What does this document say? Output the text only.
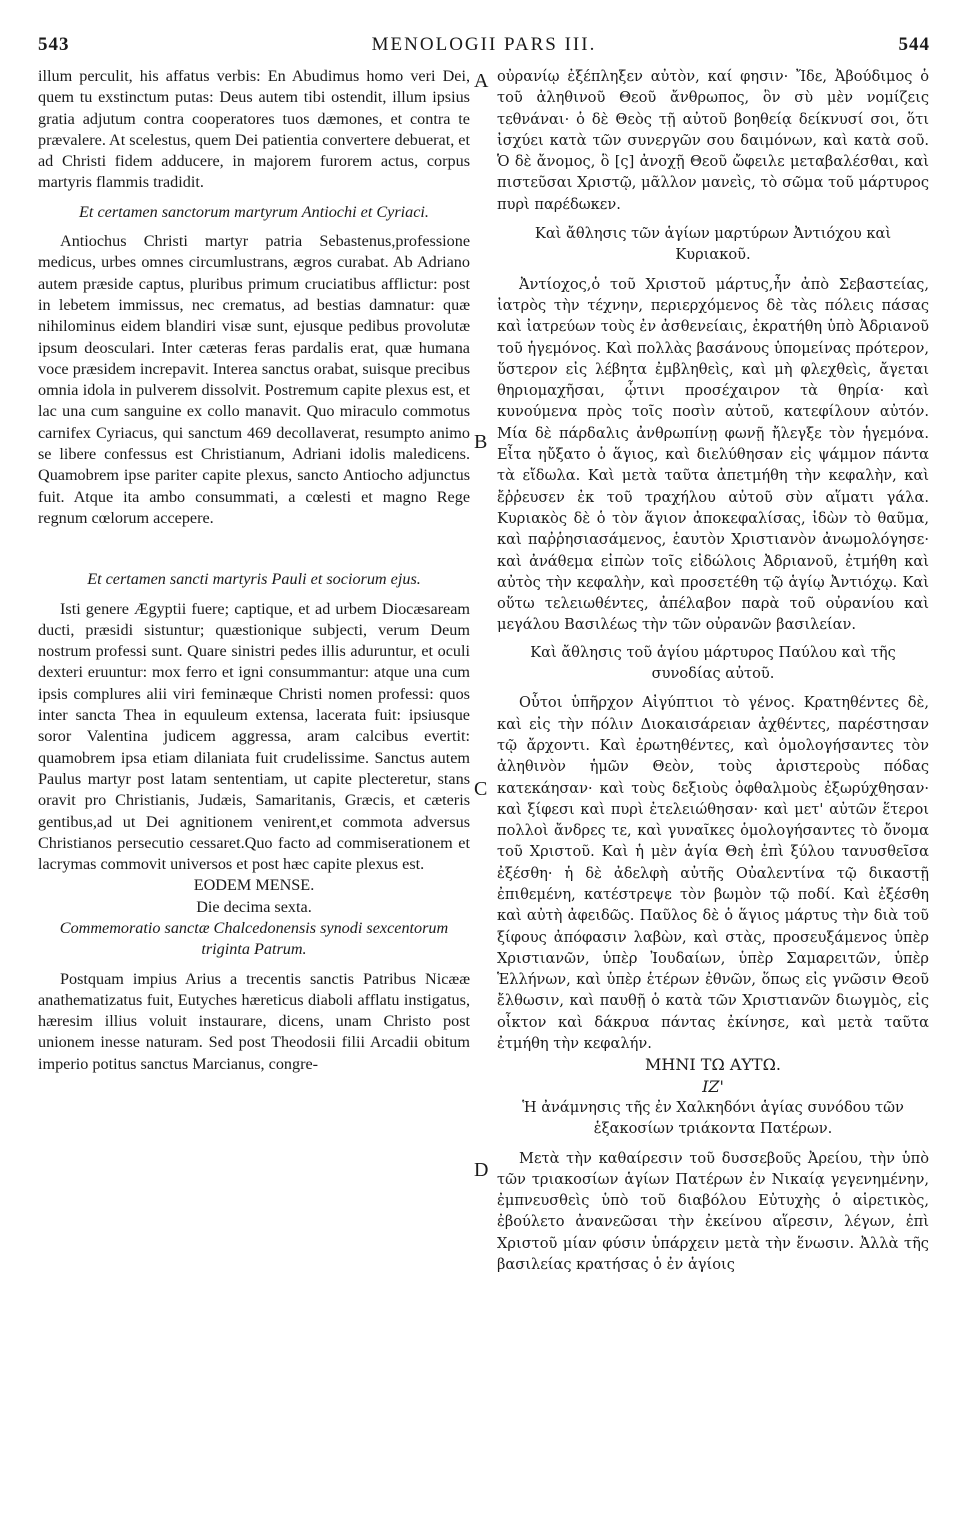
543	MENOLOGII PARS III.	544
A
B
C
D

illum perculit, his affatus verbis: En Abudimus homo veri Dei, quem tu exstinctum putas: Deus autem tibi ostendit, illum ipsius gratia adjutum contra cooperatores tuos dæmones, et contra te prævalere. At scelestus, quem Dei patientia convertere debuerat, et ad Christi fidem adducere, in majorem furorem actus, corpus martyris flammis tradidit.

Et certamen sanctorum martyrum Antiochi et Cyriaci.

Antiochus Christi martyr patria Sebastenus,professione medicus, urbes omnes circumlustrans, ægros curabat. Ab Adriano autem præside captus, pluribus primum cruciatibus afflictur: post in lebetem immissus, nec crematus, ad bestias damnatur: quæ nihilominus eidem blandiri visæ sunt, ejusque pedibus provolutæ ipsum deosculari. Inter cæteras feras pardalis erat, quæ humana voce præsidem increpavit. Interea sanctus orabat, suisque precibus omnia idola in pulverem dissolvit. Postremum capite plexus est, et lac una cum sanguine ex collo manavit. Quo miraculo commotus carnifex Cyriacus, qui sanctum 469 decollaverat, resumpto animo se libere confessus est Christianum, Adriani idolis maledicens. Quamobrem ipse pariter capite plexus, sancto Antiocho adjunctus fuit. Atque ita ambo consummati, a cœlesti et magno Rege regnum cœlorum accepere.

Et certamen sancti martyris Pauli et sociorum ejus.

Isti genere Ægyptii fuere; captique, et ad urbem Diocæsaream ducti, præsidi sistuntur; quæstionique subjecti, verum Deum nostrum professi sunt. Quare sinistri pedes illis aduruntur, et oculi dexteri eruuntur: mox ferro et igni consummantur: atque una cum ipsis complures alii viri feminæque Christi nomen professi: quos inter sancta Thea in equuleum extensa, lacerata fuit: ipsiusque soror Valentina judicem aggressa, aram calcibus evertit: quamobrem ipsa etiam dilaniata fuit crudelissime. Sanctus autem Paulus martyr post latam sententiam, ut capite plecteretur, stans oravit pro Christianis, Judæis, Samaritanis, Græcis, et cæteris gentibus,ad ut Dei agnitionem venirent,et commota adversus Christianos persecutio cessaret.Quo facto ad commiserationem et lacrymas commovit universos et post hæc capite plexus est.

EODEM MENSE.

Die decima sexta.

Commemoratio sanctæ Chalcedonensis synodi sexcentorum triginta Patrum.

Postquam impius Arius a trecentis sanctis Patribus Nicææ anathematizatus fuit, Eutyches hæreticus diaboli afflatu instigatus, hæresim illius voluit instaurare, dicens, unam Christo post unionem inesse naturam. Sed post Theodosii filii Arcadii obitum imperio potitus sanctus Marcianus, congre-

οὐρανίῳ ἐξέπληξεν αὐτὸν, καί φησιν· Ἴδε, Ἀβούδιμος ὁ τοῦ ἀληθινοῦ Θεοῦ ἄνθρωπος, ὃν σὺ μὲν νομίζεις τεθνάναι· ὁ δὲ Θεὸς τῇ αὐτοῦ βοηθείᾳ δείκνυσί σοι, ὅτι ἰσχύει κατὰ τῶν συνεργῶν σου δαιμόνων, καὶ κατὰ σοῦ. Ὁ δὲ ἄνομος, ὃ [ς] ἀνοχῇ Θεοῦ ὤφειλε μεταβαλέσθαι, καὶ πιστεῦσαι Χριστῷ, μᾶλλον μανεὶς, τὸ σῶμα τοῦ μάρτυρος πυρὶ παρέδωκεν.

Καὶ ἄθλησις τῶν ἁγίων μαρτύρων Ἀντιόχου καὶ Κυριακοῦ.

Ἀντίοχος,ὁ τοῦ Χριστοῦ μάρτυς,ἦν ἀπὸ Σεβαστείας, ἰατρὸς τὴν τέχνην, περιερχόμενος δὲ τὰς πόλεις πάσας καὶ ἰατρεύων τοὺς ἐν ἀσθενείαις, ἐκρατήθη ὑπὸ Ἀδριανοῦ τοῦ ἡγεμόνος. Καὶ πολλὰς βασάνους ὑπομείνας πρότερον, ὕστερον εἰς λέβητα ἐμβληθεὶς, καὶ μὴ φλεχθεὶς, ἄγεται θηριομαχῆσαι, ᾧτινι προσέχαιρον τὰ θηρία· καὶ κυνούμενα πρὸς τοῖς ποσὶν αὐτοῦ, κατεφίλουν αὐτόν. Μία δὲ πάρδαλις ἀνθρωπίνῃ φωνῇ ἤλεγξε τὸν ἡγεμόνα. Εἶτα ηὔξατο ὁ ἅγιος, καὶ διελύθησαν εἰς ψάμμον πάντα τὰ εἴδωλα. Καὶ μετὰ ταῦτα ἀπετμήθη τὴν κεφαλὴν, καὶ ἔῤῥευσεν ἐκ τοῦ τραχήλου αὐτοῦ σὺν αἵματι γάλα. Κυριακὸς δὲ ὁ τὸν ἅγιον ἀποκεφαλίσας, ἰδὼν τὸ θαῦμα, καὶ παῤῥησιασάμενος, ἑαυτὸν Χριστιανὸν ἀνωμολόγησε· καὶ ἀνάθεμα εἰπὼν τοῖς εἰδώλοις Ἀδριανοῦ, ἐτμήθη καὶ αὐτὸς τὴν κεφαλὴν, καὶ προσετέθη τῷ ἁγίῳ Ἀντιόχῳ. Καὶ οὕτω τελειωθέντες, ἀπέλαβον παρὰ τοῦ οὐρανίου καὶ μεγάλου Βασιλέως τὴν τῶν οὐρανῶν βασιλείαν.

Καὶ ἄθλησις τοῦ ἁγίου μάρτυρος Παύλου καὶ τῆς συνοδίας αὐτοῦ.

Οὗτοι ὑπῆρχον Αἰγύπτιοι τὸ γένος. Κρατηθέντες δὲ, καὶ εἰς τὴν πόλιν Διοκαισάρειαν ἀχθέντες, παρέστησαν τῷ ἄρχοντι. Καὶ ἐρωτηθέντες, καὶ ὁμολογήσαντες τὸν ἀληθινὸν ἡμῶν Θεὸν, τοὺς ἀριστεροὺς πόδας κατεκάησαν· καὶ τοὺς δεξιοὺς ὀφθαλμοὺς ἐξωρύχθησαν· καὶ ξίφεσι καὶ πυρὶ ἐτελειώθησαν· καὶ μετ' αὐτῶν ἕτεροι πολλοὶ ἄνδρες τε, καὶ γυναῖκες ὁμολογήσαντες τὸ ὄνομα τοῦ Χριστοῦ. Καὶ ἡ μὲν ἁγία Θεὴ ἐπὶ ξύλου τανυσθεῖσα ἐξέσθη· ἡ δὲ ἀδελφὴ αὐτῆς Οὐαλεντίνα τῷ δικαστῇ ἐπιθεμένη, κατέστρεψε τὸν βωμὸν τῷ ποδί. Καὶ ἐξέσθη καὶ αὐτὴ ἀφειδῶς. Παῦλος δὲ ὁ ἅγιος μάρτυς τὴν διὰ τοῦ ξίφους ἀπόφασιν λαβὼν, καὶ στὰς, προσευξάμενος ὑπὲρ Χριστιανῶν, ὑπὲρ Ἰουδαίων, ὑπὲρ Σαμαρειτῶν, ὑπὲρ Ἑλλήνων, καὶ ὑπὲρ ἑτέρων ἐθνῶν, ὅπως εἰς γνῶσιν Θεοῦ ἔλθωσιν, καὶ παυθῇ ὁ κατὰ τῶν Χριστιανῶν διωγμὸς, εἰς οἶκτον καὶ δάκρυα πάντας ἐκίνησε, καὶ μετὰ ταῦτα ἐτμήθη τὴν κεφαλήν.

ΜΗΝΙ ΤΩ ΑΥΤΩ.

ΙΖ'

Ἡ ἀνάμνησις τῆς ἐν Χαλκηδόνι ἁγίας συνόδου τῶν ἑξακοσίων τριάκοντα Πατέρων.

Μετὰ τὴν καθαίρεσιν τοῦ δυσσεβοῦς Ἀρείου, τὴν ὑπὸ τῶν τριακοσίων ἁγίων Πατέρων ἐν Νικαίᾳ γεγενημένην, ἐμπνευσθεὶς ὑπὸ τοῦ διαβόλου Εὐτυχὴς ὁ αἱρετικὸς, ἐβούλετο ἀνανεῶσαι τὴν ἐκείνου αἵρεσιν, λέγων, ἐπὶ Χριστοῦ μίαν φύσιν ὑπάρχειν μετὰ τὴν ἕνωσιν. Ἀλλὰ τῆς βασιλείας κρατήσας ὁ ἐν ἁγίοις
